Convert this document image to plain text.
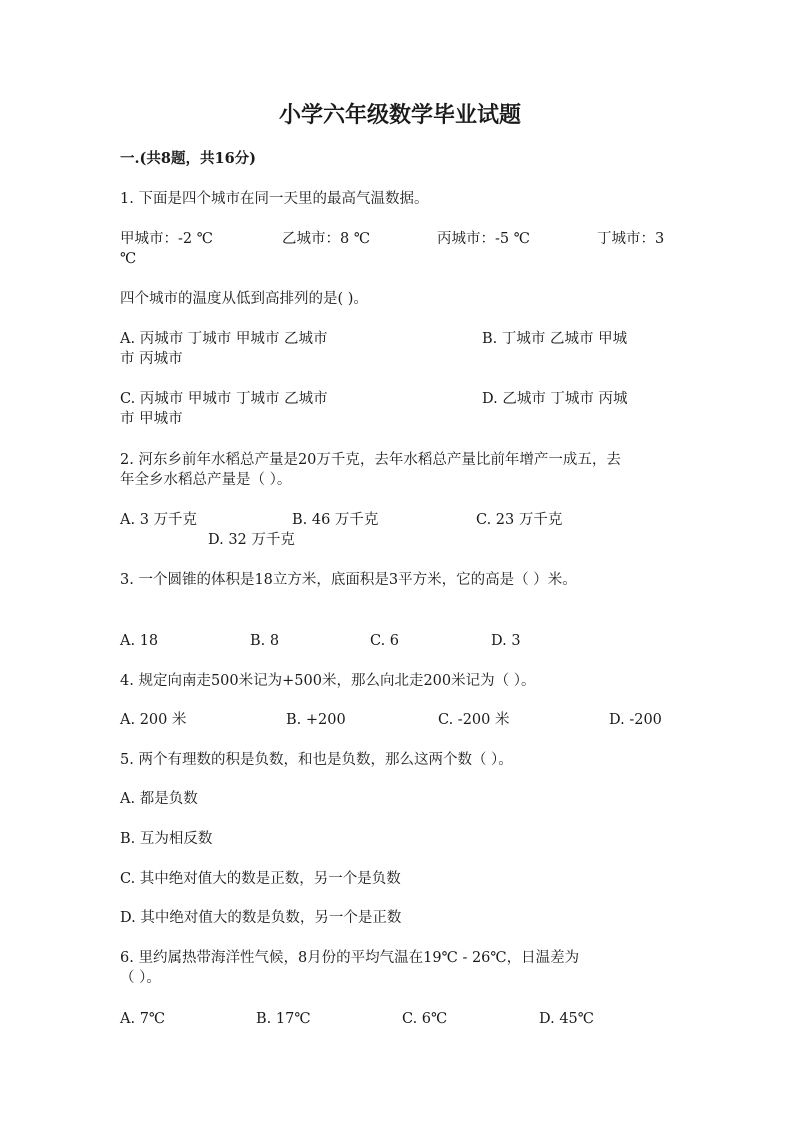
小学六年级数学毕业试题
一.(共8题，共16分)
1. 下面是四个城市在同一天里的最高气温数据。
甲城市：-2 ℃	乙城市：8 ℃	丙城市：-5 ℃	丁城市：3
℃
四个城市的温度从低到高排列的是( )。
A. 丙城市 丁城市 甲城市 乙城市	B. 丁城市 乙城市 甲城
市 丙城市
C. 丙城市 甲城市 丁城市 乙城市	D. 乙城市 丁城市 丙城
市 甲城市
2. 河东乡前年水稻总产量是20万千克，去年水稻总产量比前年增产一成五，去
年全乡水稻总产量是（ ）。
A. 3 万千克	B. 46 万千克	C. 23 万千克
D. 32 万千克
3. 一个圆锥的体积是18立方米，底面积是3平方米，它的高是（ ）米。
A. 18	B. 8	C. 6	D. 3
4. 规定向南走500米记为+500米，那么向北走200米记为（ ）。
A. 200 米	B. +200	C. -200 米	D. -200
5. 两个有理数的积是负数，和也是负数，那么这两个数（ ）。
A. 都是负数
B. 互为相反数
C. 其中绝对值大的数是正数，另一个是负数
D. 其中绝对值大的数是负数，另一个是正数
6. 里约属热带海洋性气候，8月份的平均气温在19℃ - 26℃，日温差为
（ ）。
A. 7℃	B. 17℃	C. 6℃	D. 45℃
